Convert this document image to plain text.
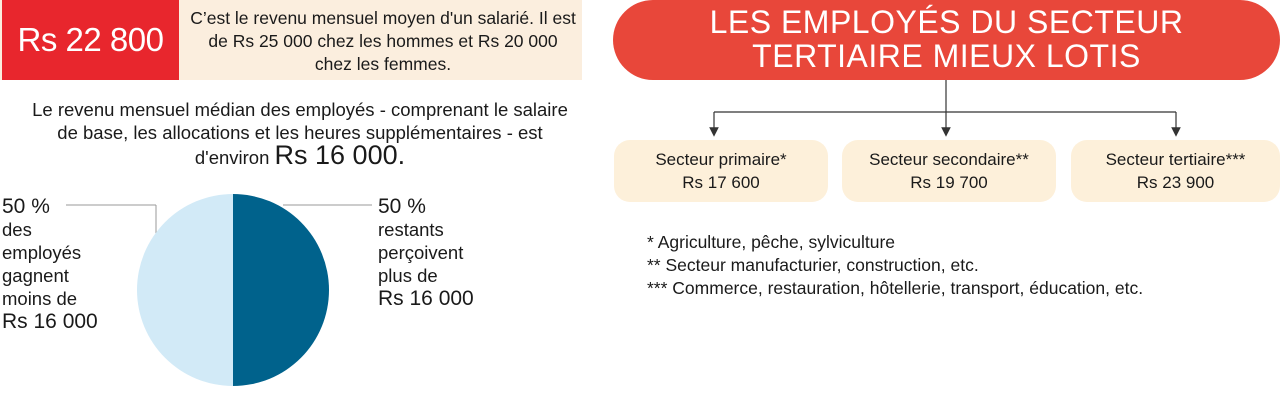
Rs 22 800
C’est le revenu mensuel moyen d'un salarié. Il est de Rs 25 000 chez les hommes et Rs 20 000 chez les femmes.
Le revenu mensuel médian des employés - comprenant le salaire de base, les allocations et les heures supplémentaires - est d'environ Rs 16 000.
50 %
des
employés
gagnent
moins de
Rs 16 000
50 %
restants
perçoivent
plus de
Rs 16 000
LES EMPLOYÉS DU SECTEUR
TERTIAIRE MIEUX LOTIS
Secteur primaire*
Rs 17 600
Secteur secondaire**
Rs 19 700
Secteur tertiaire***
Rs 23 900
* Agriculture, pêche, sylviculture
** Secteur manufacturier, construction, etc.
*** Commerce, restauration, hôtellerie, transport, éducation, etc.
